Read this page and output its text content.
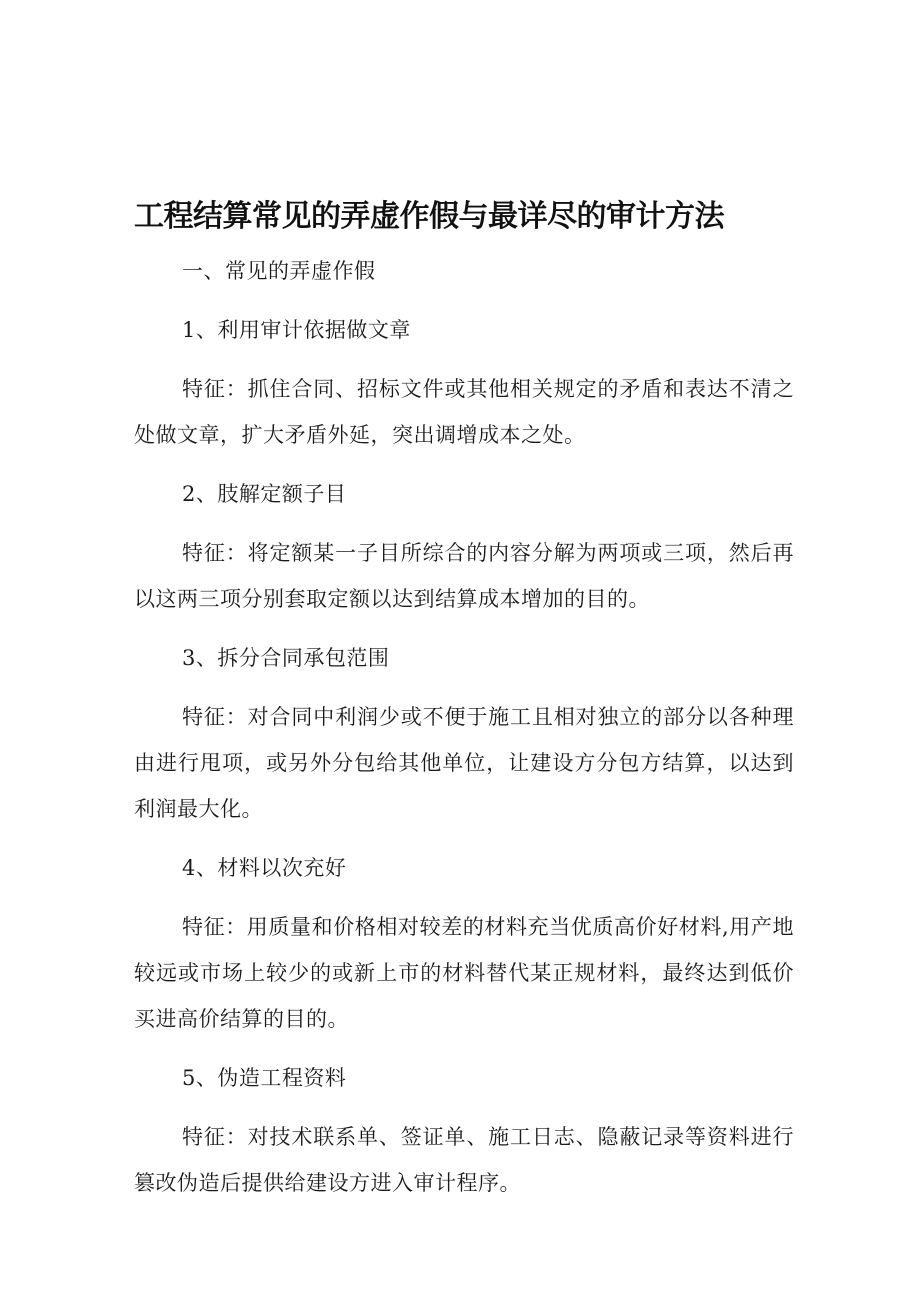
工程结算常见的弄虚作假与最详尽的审计方法

一、常见的弄虚作假

1、利用审计依据做文章

特征：抓住合同、招标文件或其他相关规定的矛盾和表达不清之处做文章，扩大矛盾外延，突出调增成本之处。

2、肢解定额子目

特征：将定额某一子目所综合的内容分解为两项或三项，然后再以这两三项分别套取定额以达到结算成本增加的目的。

3、拆分合同承包范围

特征：对合同中利润少或不便于施工且相对独立的部分以各种理由进行甩项，或另外分包给其他单位，让建设方分包方结算，以达到利润最大化。

4、材料以次充好

特征：用质量和价格相对较差的材料充当优质高价好材料,用产地较远或市场上较少的或新上市的材料替代某正规材料，最终达到低价买进高价结算的目的。

5、伪造工程资料

特征：对技术联系单、签证单、施工日志、隐蔽记录等资料进行篡改伪造后提供给建设方进入审计程序。
